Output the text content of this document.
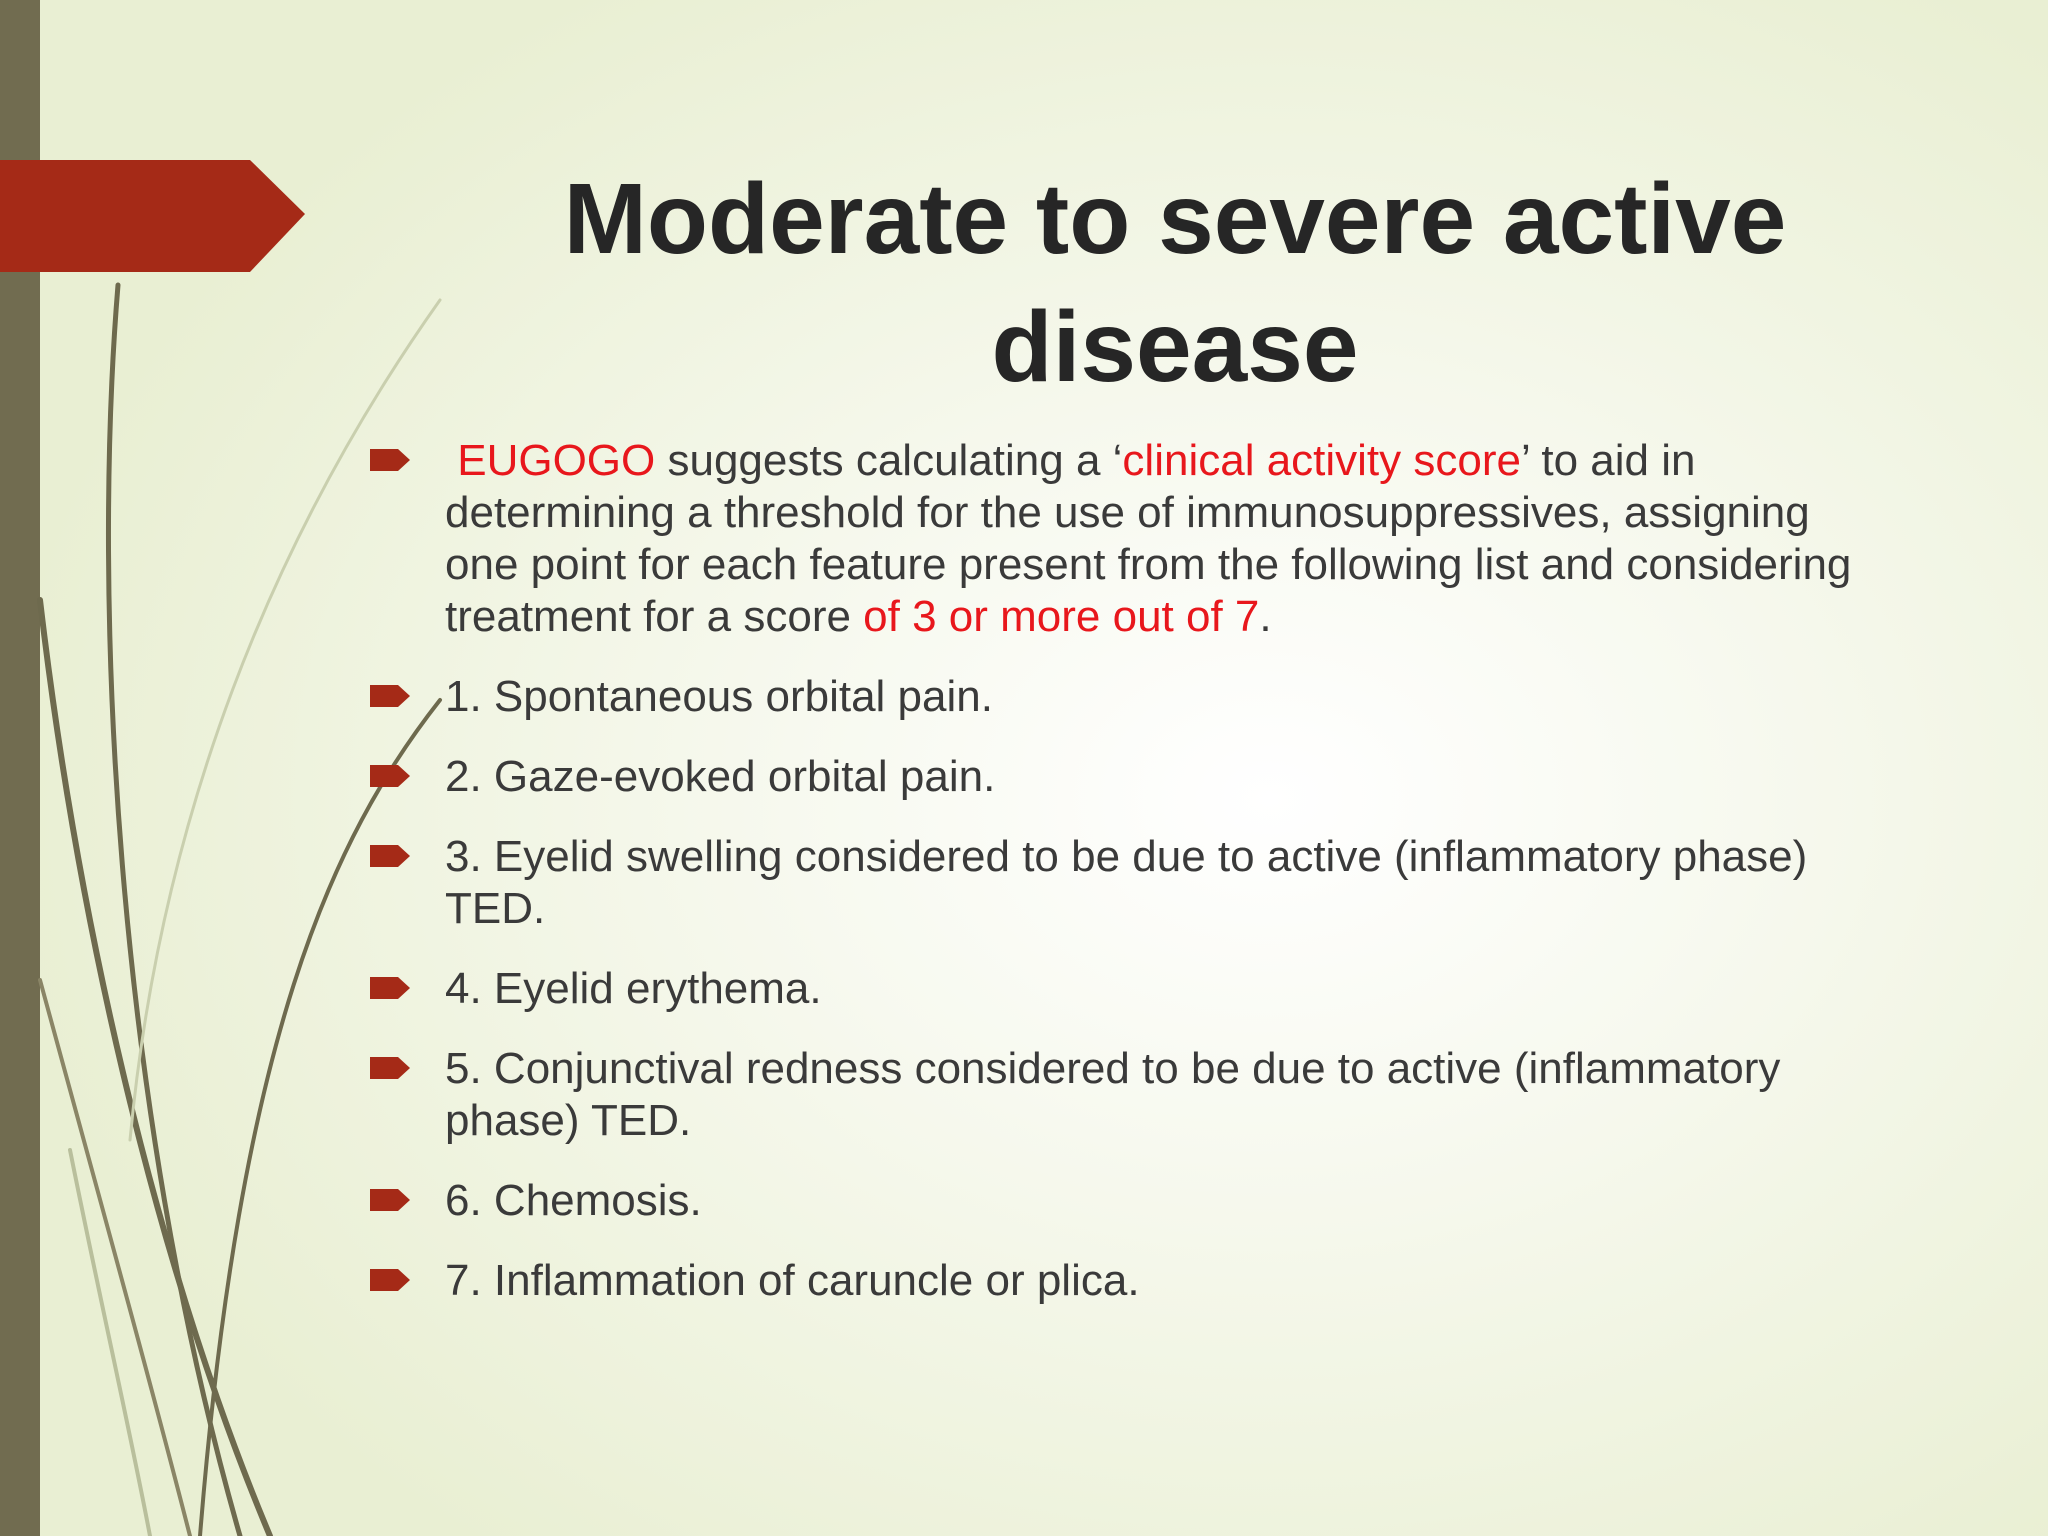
Moderate to severe active disease
EUGOGO suggests calculating a ‘clinical activity score’ to aid in determining a threshold for the use of immunosuppressives, assigning one point for each feature present from the following list and considering treatment for a score of 3 or more out of 7.
1. Spontaneous orbital pain.
2. Gaze-evoked orbital pain.
3. Eyelid swelling considered to be due to active (inflammatory phase) TED.
4. Eyelid erythema.
5. Conjunctival redness considered to be due to active (inflammatory phase) TED.
6. Chemosis.
7. Inflammation of caruncle or plica.
